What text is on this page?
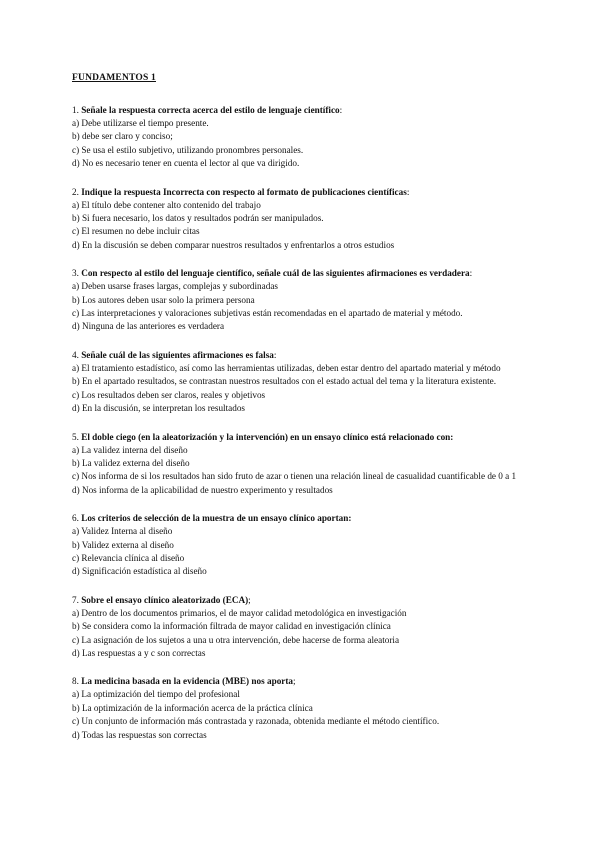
FUNDAMENTOS 1
1. Señale la respuesta correcta acerca del estilo de lenguaje científico:
a) Debe utilizarse el tiempo presente.
b) debe ser claro y conciso;
c) Se usa el estilo subjetivo, utilizando pronombres personales.
d) No es necesario tener en cuenta el lector al que va dirigido.
2. Indique la respuesta Incorrecta con respecto al formato de publicaciones científicas:
a) El título debe contener alto contenido del trabajo
b) Si fuera necesario, los datos y resultados podrán ser manipulados.
c) El resumen no debe incluir citas
d) En la discusión se deben comparar nuestros resultados y enfrentarlos a otros estudios
3. Con respecto al estilo del lenguaje científico, señale cuál de las siguientes afirmaciones es verdadera:
a) Deben usarse frases largas, complejas y subordinadas
b) Los autores deben usar solo la primera persona
c) Las interpretaciones y valoraciones subjetivas están recomendadas en el apartado de material y método.
d) Ninguna de las anteriores es verdadera
4. Señale cuál de las siguientes afirmaciones es falsa:
a) El tratamiento estadístico, así como las herramientas utilizadas, deben estar dentro del apartado material y método
b) En el apartado resultados, se contrastan nuestros resultados con el estado actual del tema y la literatura existente.
c) Los resultados deben ser claros, reales y objetivos
d) En la discusión, se interpretan los resultados
5. El doble ciego (en la aleatorización y la intervención) en un ensayo clínico está relacionado con:
a) La validez interna del diseño
b) La validez externa del diseño
c) Nos informa de si los resultados han sido fruto de azar o tienen una relación lineal de casualidad cuantificable de 0 a 1
d) Nos informa de la aplicabilidad de nuestro experimento y resultados
6. Los criterios de selección de la muestra de un ensayo clínico aportan:
a) Validez Interna al diseño
b) Validez externa al diseño
c) Relevancia clínica al diseño
d) Significación estadística al diseño
7. Sobre el ensayo clínico aleatorizado (ECA);
a) Dentro de los documentos primarios, el de mayor calidad metodológica en investigación
b) Se considera como la información filtrada de mayor calidad en investigación clínica
c) La asignación de los sujetos a una u otra intervención, debe hacerse de forma aleatoria
d) Las respuestas a y c son correctas
8. La medicina basada en la evidencia (MBE) nos aporta;
a) La optimización del tiempo del profesional
b) La optimización de la información acerca de la práctica clínica
c) Un conjunto de información más contrastada y razonada, obtenida mediante el método científico.
d) Todas las respuestas son correctas
